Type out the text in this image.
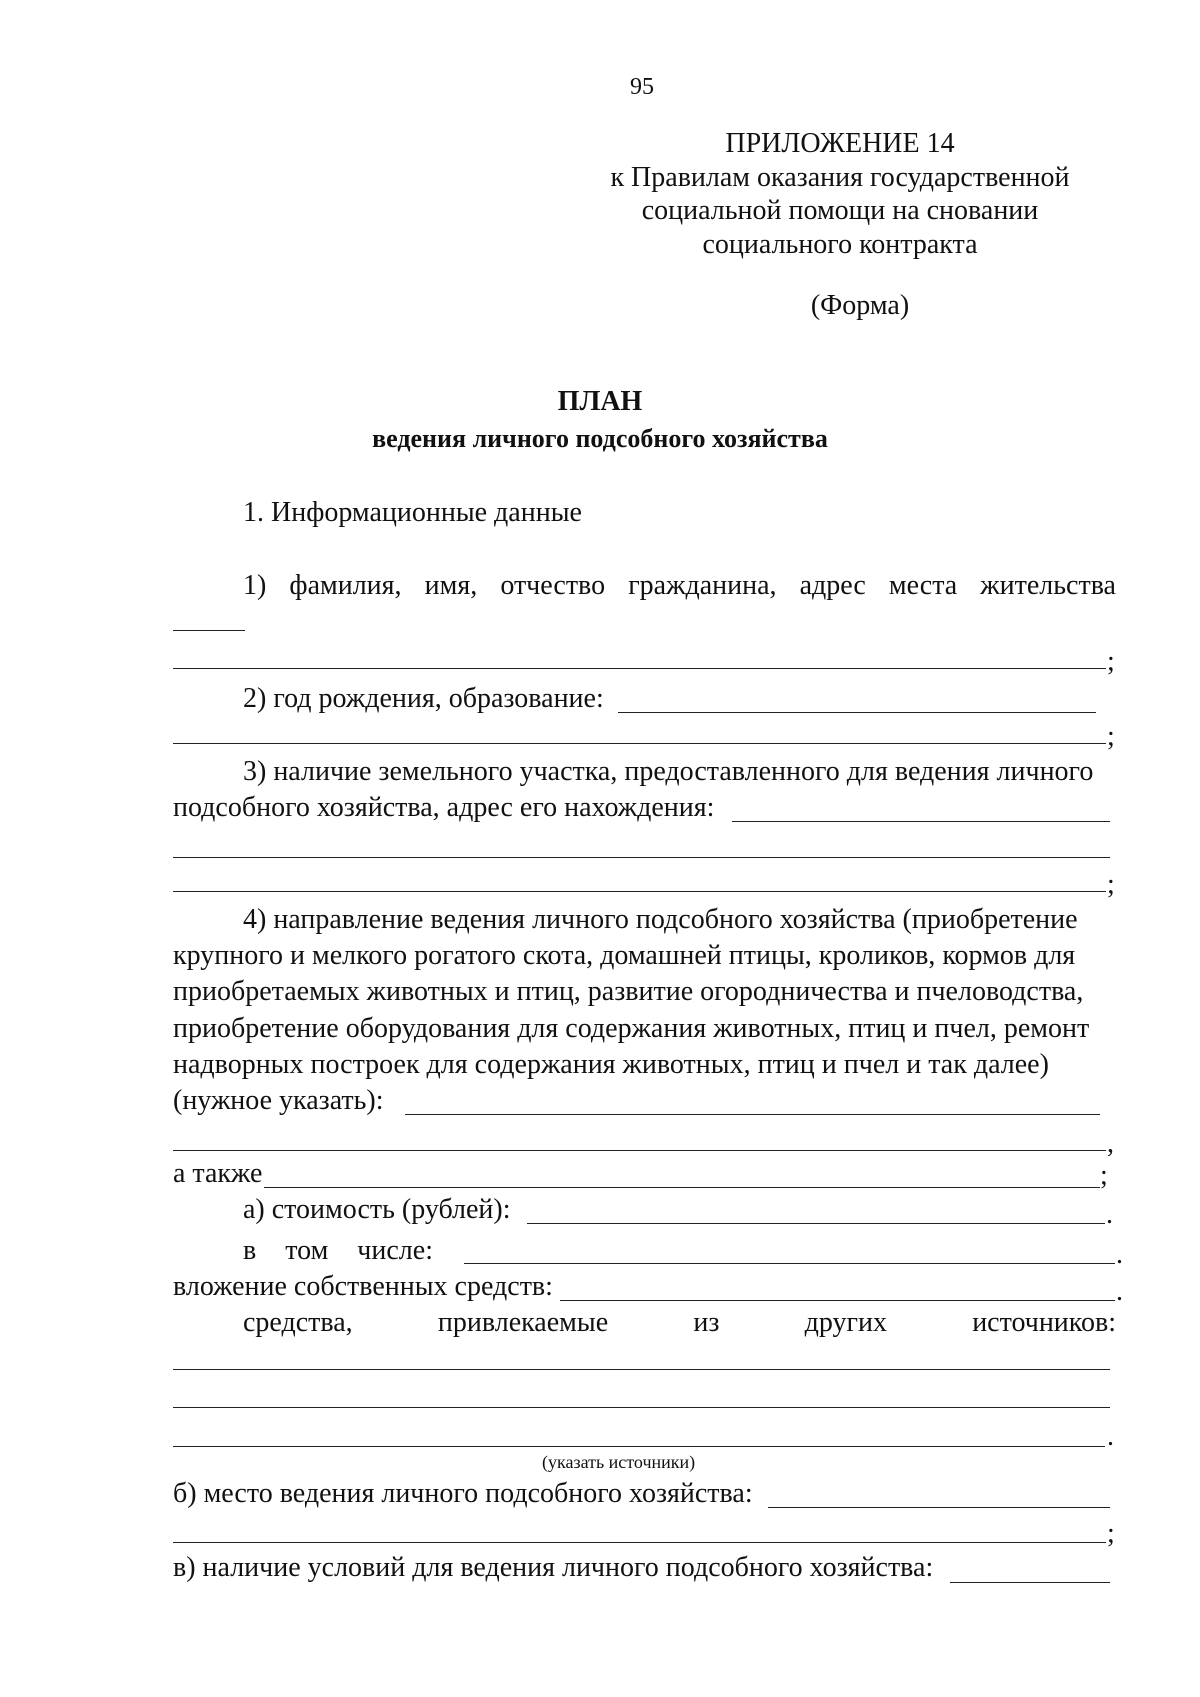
95
ПРИЛОЖЕНИЕ 14
к Правилам оказания государственной
социальной помощи на сновании
социального контракта
(Форма)
ПЛАН
ведения личного подсобного хозяйства
1. Информационные данные
1) фамилия, имя, отчество гражданина, адрес места жительства
;
2) год рождения, образование:
;
3) наличие земельного участка, предоставленного для ведения личного
подсобного хозяйства, адрес его нахождения:
;
4) направление ведения личного подсобного хозяйства (приобретение
крупного и мелкого рогатого скота, домашней птицы, кроликов, кормов для
приобретаемых животных и птиц, развитие огородничества и пчеловодства,
приобретение оборудования для содержания животных, птиц и пчел, ремонт
надворных построек для содержания животных, птиц и пчел и так далее)
(нужное указать):
,
а также	;
а) стоимость (рублей):	.
в том числе:	.
вложение собственных средств:	.
средства,	привлекаемые	из	других	источников:
.
(указать источники)
б) место ведения личного подсобного хозяйства:
;
в) наличие условий для ведения личного подсобного хозяйства:
